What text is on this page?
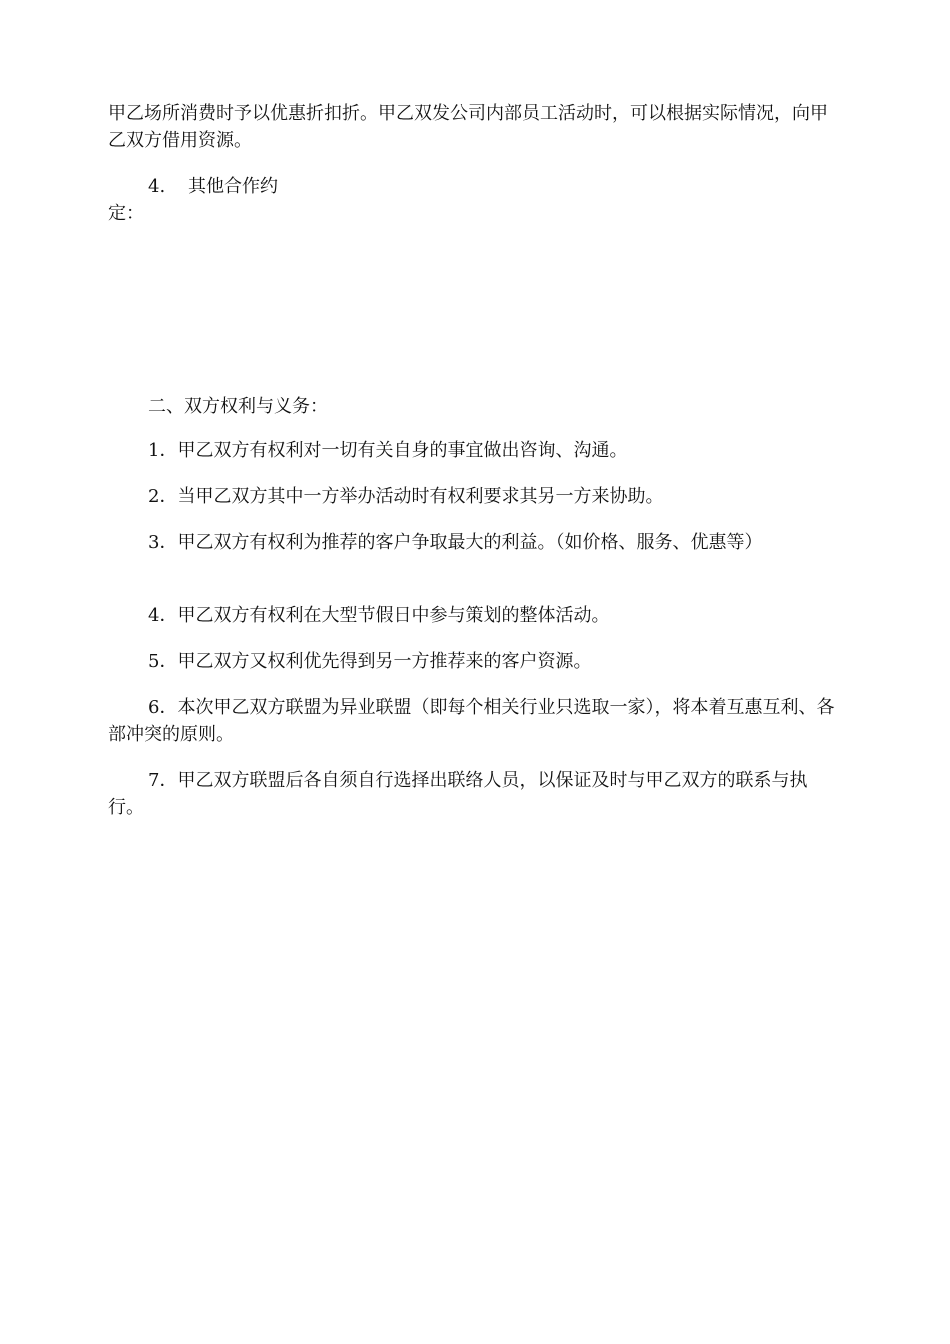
甲乙场所消费时予以优惠折扣折。甲乙双发公司内部员工活动时，可以根据实际情况，向甲乙双方借用资源。

4. 其他合作约
定：

二、双方权利与义务：

1．甲乙双方有权利对一切有关自身的事宜做出咨询、沟通。

2．当甲乙双方其中一方举办活动时有权利要求其另一方来协助。

3．甲乙双方有权利为推荐的客户争取最大的利益。（如价格、服务、优惠等）

4．甲乙双方有权利在大型节假日中参与策划的整体活动。

5．甲乙双方又权利优先得到另一方推荐来的客户资源。

6．本次甲乙双方联盟为异业联盟（即每个相关行业只选取一家），将本着互惠互利、各部冲突的原则。

7．甲乙双方联盟后各自须自行选择出联络人员，以保证及时与甲乙双方的联系与执行。
